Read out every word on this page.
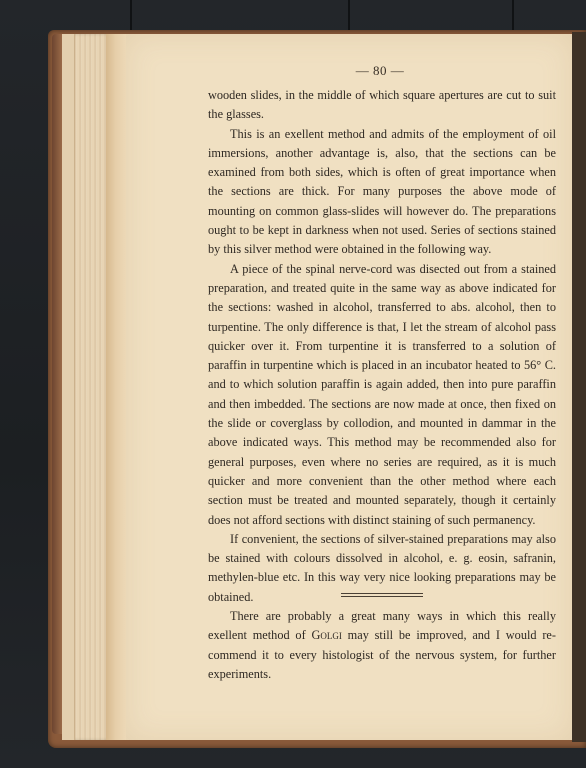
— 80 —

wooden slides, in the middle of which square apertures are cut to suit the glasses.

This is an exellent method and admits of the employment of oil immersions, another advantage is, also, that the sections can be examined from both sides, which is often of great importance when the sections are thick. For many purposes the above mode of mounting on common glass-slides will however do. The preparations ought to be kept in darkness when not used. Series of sections stained by this silver method were obtained in the following way.

A piece of the spinal nerve-cord was disected out from a stained preparation, and treated quite in the same way as above indicated for the sections: washed in alcohol, transferred to abs. alcohol, then to turpentine. The only difference is that, I let the stream of alcohol pass quicker over it. From turpentine it is transferred to a solution of paraffin in turpentine which is placed in an incubator heated to 56° C. and to which solution paraffin is again added, then into pure paraffin and then imbedded. The sections are now made at once, then fixed on the slide or coverglass by collodion, and mounted in dammar in the above indicated ways. This method may be recommended also for general purposes, even where no series are required, as it is much quicker and more convenient than the other method where each section must be treated and mounted separately, though it certainly does not afford sections with distinct staining of such permanency.

If convenient, the sections of silver-stained preparations may also be stained with colours dissolved in alcohol, e. g. eosin, safranin, methylen-blue etc. In this way very nice looking preparations may be obtained.

There are probably a great many ways in which this really exellent method of Golgi may still be improved, and I would recommend it to every histologist of the nervous system, for further experiments.
